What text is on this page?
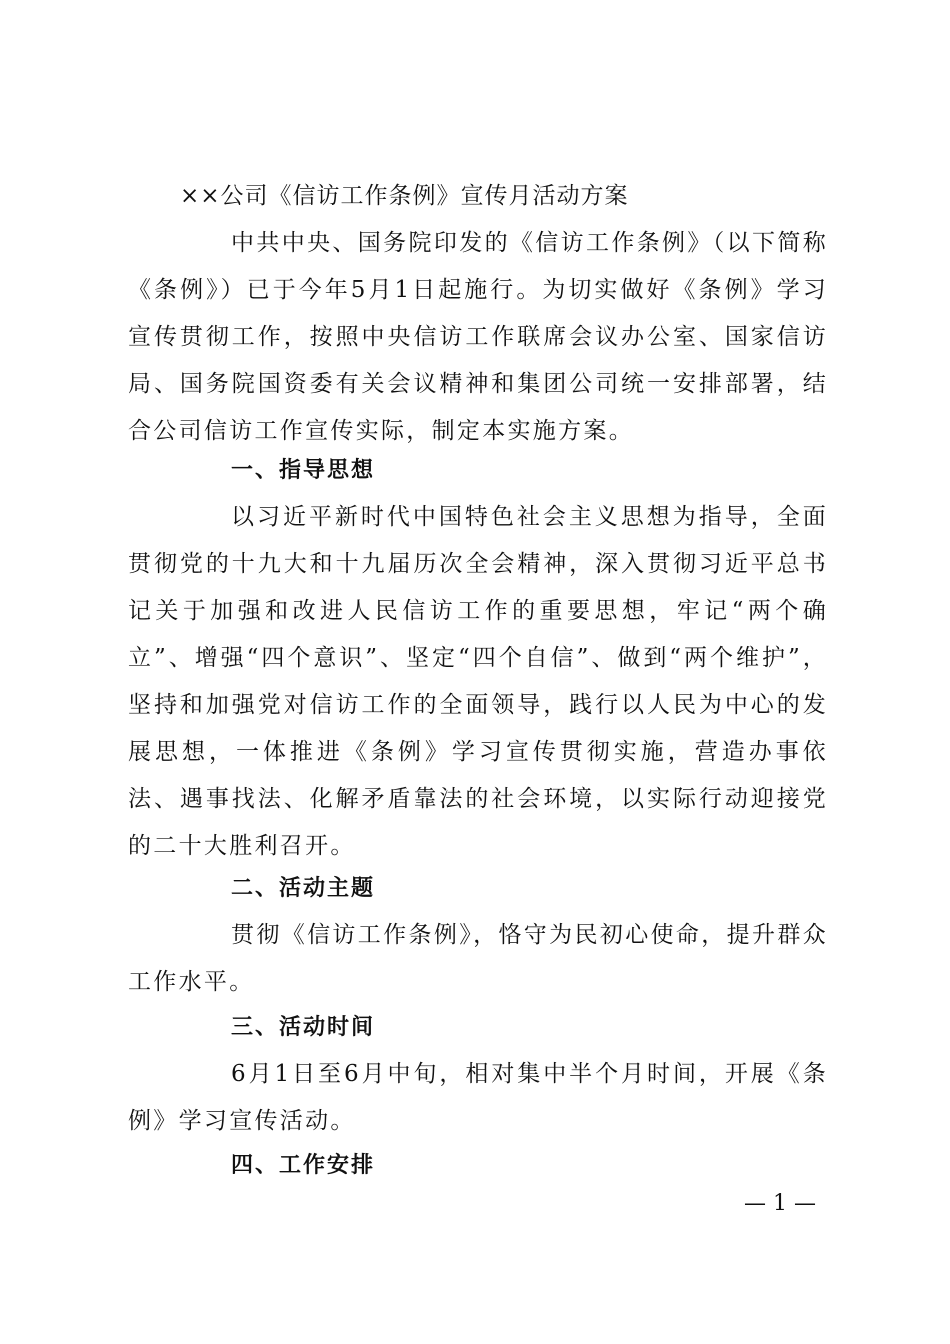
××公司《信访工作条例》宣传月活动方案

中共中央、国务院印发的《信访工作条例》（以下简称《条例》）已于今年5月1日起施行。为切实做好《条例》学习宣传贯彻工作，按照中央信访工作联席会议办公室、国家信访局、国务院国资委有关会议精神和集团公司统一安排部署，结合公司信访工作宣传实际，制定本实施方案。

一、指导思想

以习近平新时代中国特色社会主义思想为指导，全面贯彻党的十九大和十九届历次全会精神，深入贯彻习近平总书记关于加强和改进人民信访工作的重要思想，牢记“两个确立”、增强“四个意识”、坚定“四个自信”、做到“两个维护”，坚持和加强党对信访工作的全面领导，践行以人民为中心的发展思想，一体推进《条例》学习宣传贯彻实施，营造办事依法、遇事找法、化解矛盾靠法的社会环境，以实际行动迎接党的二十大胜利召开。

二、活动主题

贯彻《信访工作条例》，恪守为民初心使命，提升群众工作水平。

三、活动时间

6月1日至6月中旬，相对集中半个月时间，开展《条例》学习宣传活动。

四、工作安排
— 1 —
